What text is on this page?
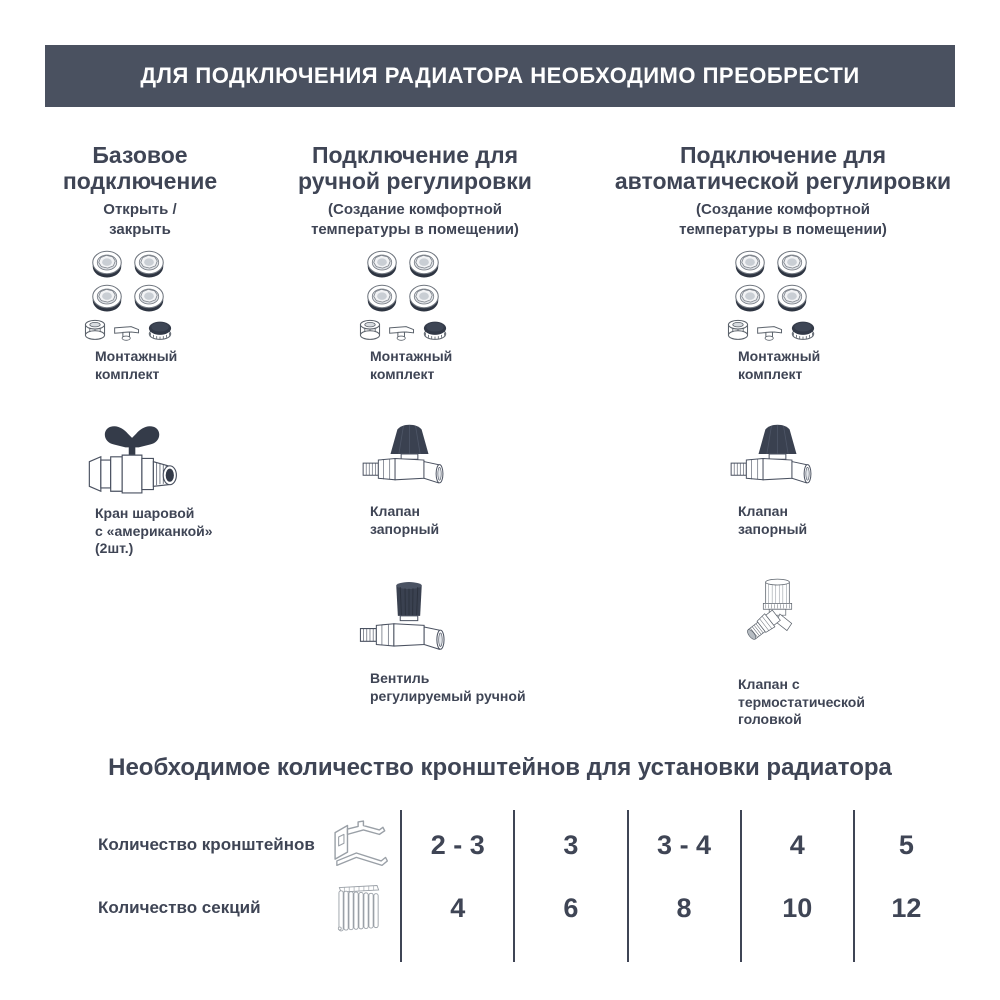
ДЛЯ ПОДКЛЮЧЕНИЯ РАДИАТОРА НЕОБХОДИМО ПРЕОБРЕСТИ
Базовое
подключение
Открыть /
закрыть
Монтажный
комплект
Кран шаровой
с «американкой»
(2шт.)
Подключение для
ручной регулировки
(Создание комфортной
температуры в помещении)
Монтажный
комплект
Клапан
запорный
Вентиль
регулируемый ручной
Подключение для
автоматической регулировки
(Создание комфортной
температуры в помещении)
Монтажный
комплект
Клапан
запорный
Клапан с
термостатической
головкой
Необходимое количество кронштейнов для установки радиатора
Количество кронштейнов
Количество секций
2 - 3
4
3
6
3 - 4
8
4
10
5
12
